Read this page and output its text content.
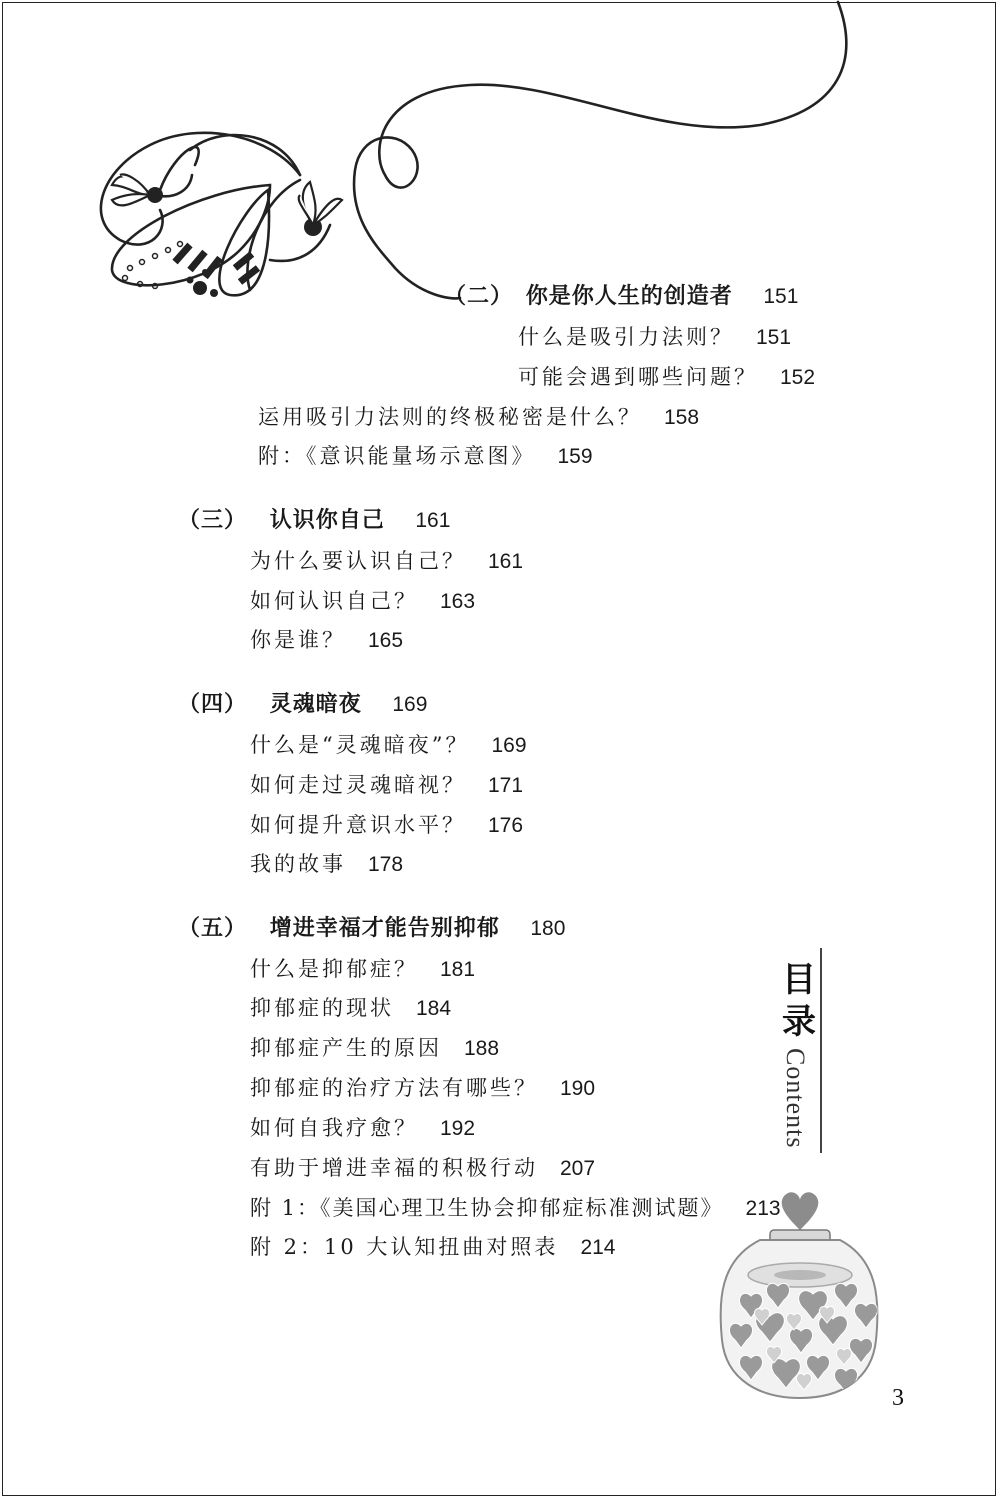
（二） 你是你人生的创造者 151
什么是吸引力法则？ 151
可能会遇到哪些问题？ 152
运用吸引力法则的终极秘密是什么？ 158
附：《意识能量场示意图》 159
（三） 认识你自己 161
为什么要认识自己？ 161
如何认识自己？ 163
你是谁？ 165
（四） 灵魂暗夜 169
什么是“灵魂暗夜”？ 169
如何走过灵魂暗视？ 171
如何提升意识水平？ 176
我的故事 178
（五） 增进幸福才能告别抑郁 180
什么是抑郁症？ 181
抑郁症的现状 184
抑郁症产生的原因 188
抑郁症的治疗方法有哪些？ 190
如何自我疗愈？ 192
有助于增进幸福的积极行动 207
附 1：《美国心理卫生协会抑郁症标准测试题》 213
附 2：10 大认知扭曲对照表 214
目
录
Contents
3
